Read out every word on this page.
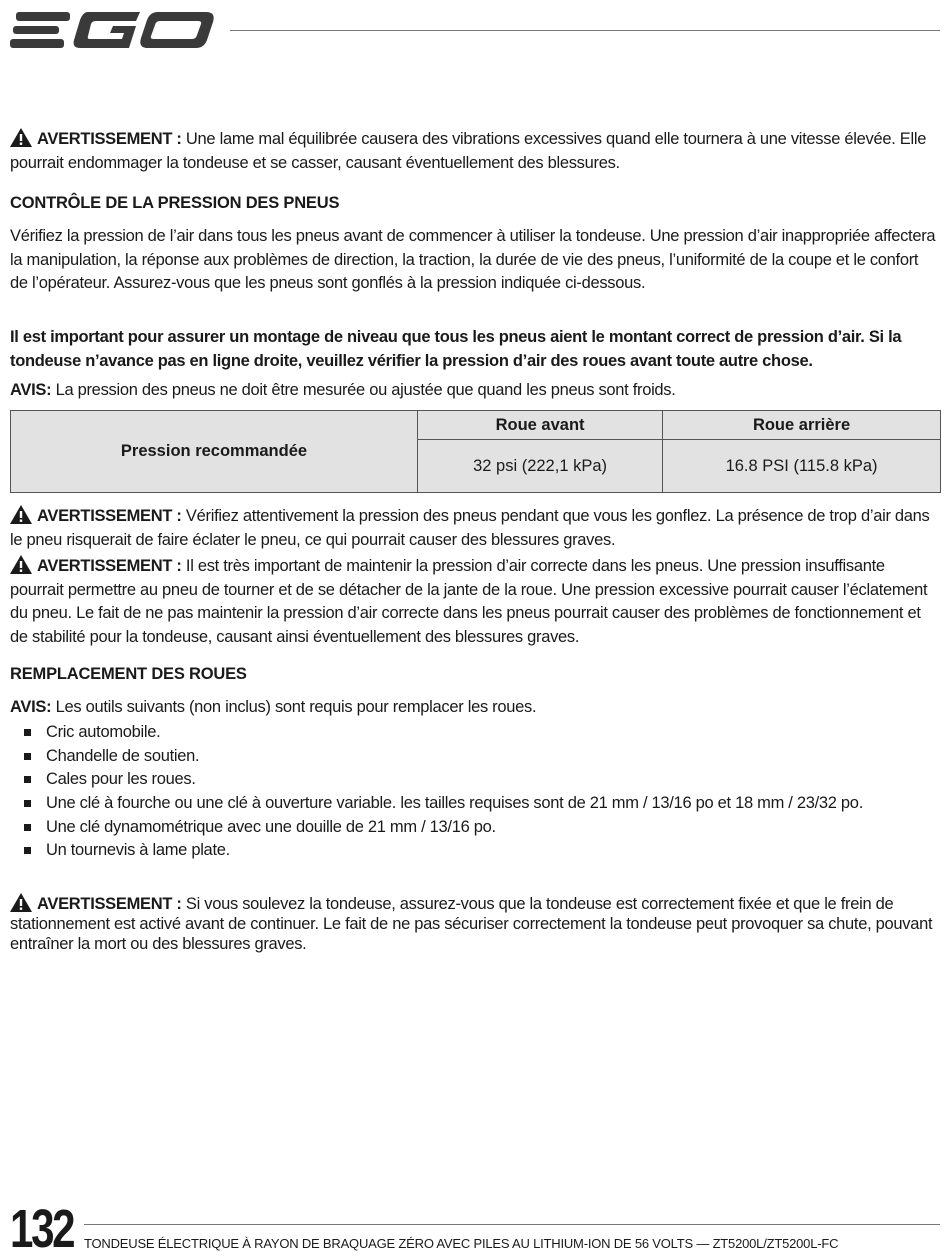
AVERTISSEMENT : Une lame mal équilibrée causera des vibrations excessives quand elle tournera à une vitesse élevée. Elle pourrait endommager la tondeuse et se casser, causant éventuellement des blessures.
CONTRÔLE DE LA PRESSION DES PNEUS
Vérifiez la pression de l’air dans tous les pneus avant de commencer à utiliser la tondeuse. Une pression d’air inappropriée affectera la manipulation, la réponse aux problèmes de direction, la traction, la durée de vie des pneus, l’uniformité de la coupe et le confort de l’opérateur. Assurez-vous que les pneus sont gonflés à la pression indiquée ci-dessous.
Il est important pour assurer un montage de niveau que tous les pneus aient le montant correct de pression d’air. Si la tondeuse n’avance pas en ligne droite, veuillez vérifier la pression d’air des roues avant toute autre chose.
AVIS: La pression des pneus ne doit être mesurée ou ajustée que quand les pneus sont froids.
Pression recommandée	Roue avant	Roue arrière
	32 psi (222,1 kPa)	16.8 PSI (115.8 kPa)
AVERTISSEMENT : Vérifiez attentivement la pression des pneus pendant que vous les gonflez. La présence de trop d’air dans le pneu risquerait de faire éclater le pneu, ce qui pourrait causer des blessures graves.
AVERTISSEMENT : Il est très important de maintenir la pression d’air correcte dans les pneus. Une pression insuffisante pourrait permettre au pneu de tourner et de se détacher de la jante de la roue. Une pression excessive pourrait causer l’éclatement du pneu. Le fait de ne pas maintenir la pression d’air correcte dans les pneus pourrait causer des problèmes de fonctionnement et de stabilité pour la tondeuse, causant ainsi éventuellement des blessures graves.
REMPLACEMENT DES ROUES
AVIS: Les outils suivants (non inclus) sont requis pour remplacer les roues.
Cric automobile.
Chandelle de soutien.
Cales pour les roues.
Une clé à fourche ou une clé à ouverture variable. les tailles requises sont de 21 mm / 13/16 po et 18 mm / 23/32 po.
Une clé dynamométrique avec une douille de 21 mm / 13/16 po.
Un tournevis à lame plate.
AVERTISSEMENT : Si vous soulevez la tondeuse, assurez-vous que la tondeuse est correctement fixée et que le frein de stationnement est activé avant de continuer. Le fait de ne pas sécuriser correctement la tondeuse peut provoquer sa chute, pouvant entraîner la mort ou des blessures graves.
132 TONDEUSE ÉLECTRIQUE À RAYON DE BRAQUAGE ZÉRO AVEC PILES AU LITHIUM-ION DE 56 VOLTS — ZT5200L/ZT5200L-FC
